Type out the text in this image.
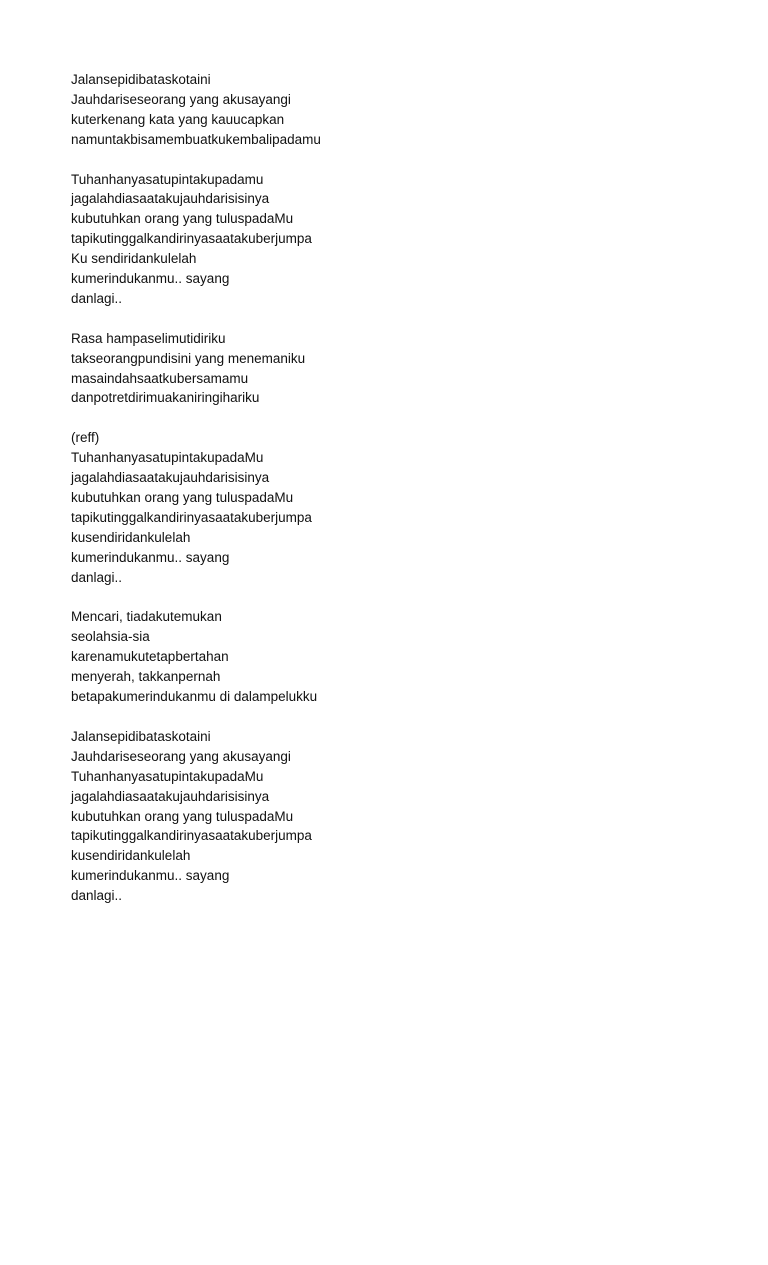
Jalansepidibataskotaini
Jauhdariseseorang yang akusayangi
kuterkenang kata yang kauucapkan
namuntakbisamembuatkukembalipadamu
Tuhanhanyasatupintakupadamu
jagalahdiasaatakujauhdarisisinya
kubutuhkan orang yang tuluspadaMu
tapikutinggalkandirinyasaatakuberjumpa
Ku sendiridankulelah
kumerindukanmu.. sayang
danlagi..
Rasa hampaselimutidiriku
takseorangpundisini yang menemaniku
masaindahsaatkubersamamu
danpotretdirimuakaniringihariku
(reff)
TuhanhanyasatupintakupadaMu
jagalahdiasaatakujauhdarisisinya
kubutuhkan orang yang tuluspadaMu
tapikutinggalkandirinyasaatakuberjumpa
kusendiridankulelah
kumerindukanmu.. sayang
danlagi..
Mencari, tiadakutemukan
seolahsia-sia
karenamukutetapbertahan
menyerah, takkanpernah
betapakumerindukanmu di dalampelukku
Jalansepidibataskotaini
Jauhdariseseorang yang akusayangi
TuhanhanyasatupintakupadaMu
jagalahdiasaatakujauhdarisisinya
kubutuhkan orang yang tuluspadaMu
tapikutinggalkandirinyasaatakuberjumpa
kusendiridankulelah
kumerindukanmu.. sayang
danlagi..
